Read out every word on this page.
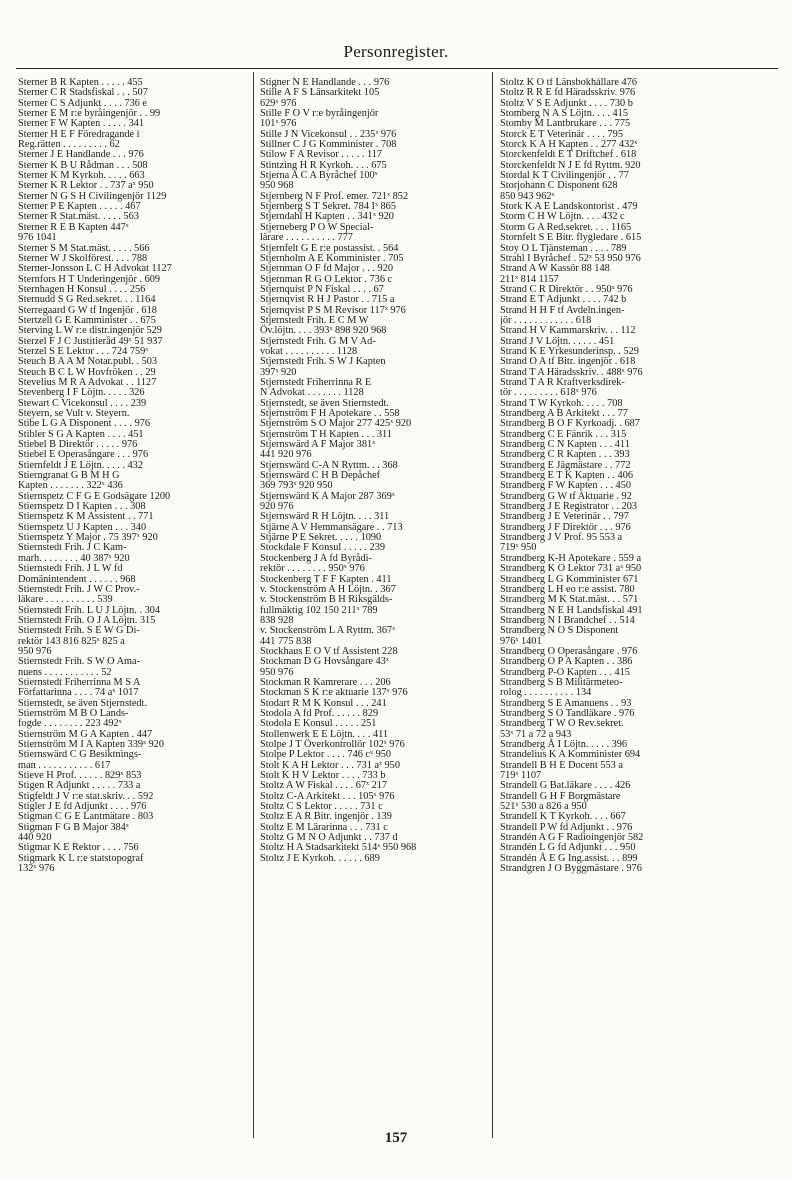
Personregister.
Sterner B R Kapten . . . . . 455
Sterner C R Stadsfiskal . . . 507
Sterner C S Adjunkt . . . . 736 e
Sterner E M r:e byråingenjör . . 99
Sterner F W Kapten . . . . . 341
Sterner H E F Föredragande i
Reg.rätten . . . . . . . . . 62
Sterner J E Handlande . . . 976
Sterner K B U Rådman . . . 508
Sterner K M Kyrkoh. . . . . 663
Sterner K R Lektor . . 737 aˣ 950
Sterner N G S H Civilingenjör 1129
Sterner P E Kapten . . . . . 467
Sterner R Stat.mäst. . . . . 563
Sterner R E B Kapten 447ˣ
976 1041
Sterner S M Stat.mäst. . . . . 566
Sterner W J Skolförest. . . . 788
Sterner-Jonsson L C H Advokat 1127
Sternfors H T Underingenjör . 609
Sternhagen H Konsul . . . . 256
Sternudd S G Red.sekret. . . 1164
Sterregaard G W tf Ingenjör . 618
Stertzell G E Kamminister . . 675
Sterving L W r:e distr.ingenjör 529
Sterzel F J C Justitieråd 49ˣ 51 937
Sterzel S E Lektor . . . 724 759ˣ
Steuch B A A M Notar.publ. . 503
Steuch B C L W Hovfröken . . 29
Stevelius M R A Advokat . . 1127
Stevenberg I F Löjtn. . . . . 326
Stewart C Vicekonsul . . . . 239
Steyern, se Vult v. Steyern.
Stibe L G A Disponent . . . . 976
Stibler S G A Kapten . . . . 451
Stiebel B Direktör . . . . . 976
Stiebel E Operasångare . . . 976
Stiernfeldt J E Löjtn. . . . . 432
Stierngranat G B M H G
Kapten . . . . . . . 322ˣ 436
Stiernspetz C F G E Godsägare 1200
Stiernspetz D I Kapten . . . 308
Stiernspetz K M Assistent . . 771
Stiernspetz U J Kapten . . . 340
Stiernspetz Y Major . 75 397ˣ 920
Stiernstedt Frih. J C Kam-
marh. . . . . . . . 40 387ˣ 920
Stiernstedt Frih. J L W fd
Domänintendent . . . . . . 968
Stiernstedt Frih. J W C Prov.-
läkare . . . . . . . . . . 539
Stiernstedt Frih. L U J Löjtn. . 304
Stiernstedt Frih. O J A Löjtn. 315
Stiernstedt Frih. S E W G Di-
rektör 143 816 825ˣ 825 a
950 976
Stiernstedt Frih. S W O Ama-
nuens . . . . . . . . . . . 52
Stiernstedt Friherrinna M S A
Författarinna . . . . 74 aˣ 1017
Stiernstedt, se även Stjernstedt.
Stiernström M B O Lands-
fogde . . . . . . . . 223 492ˣ
Stiernström M G A Kapten . 447
Stiernström M I A Kapten 339ˣ 920
Stiernswärd C G Besiktnings-
man . . . . . . . . . . . 617
Stieve H Prof. . . . . . 829ˣ 853
Stigen R Adjunkt . . . . . 733 a
Stigfeldt J V r:e stat.skriv. . . 592
Stigler J E fd Adjunkt . . . . 976
Stigman C G E Lantmätare . 803
Stigman F G B Major 384ˣ
440 920
Stigmar K E Rektor . . . . 756
Stigmark K L r:e statstopograf
132ˣ 976
Stigner N E Handlande . . . 976
Stille A F S Länsarkitekt 105
629ˣ 976
Stille F O V r:e byråingenjör
101ˣ 976
Stille J N Vicekonsul . . 235ˣ 976
Stillner C J G Komminister . 708
Stilow F A Revisor . . . . . 117
Stintzing H R Kyrkoh. . . . 675
Stjerna A C A Byråchef 100ˣ
950 968
Stjernberg N F Prof. emer. 721ˣ 852
Stjernberg S T Sekret. 784 Iˣ 865
Stjerndahl H Kapten . . 341ˣ 920
Stjerneberg P O W Special-
lärare . . . . . . . . . . 777
Stjernfelt G E r:e postassist. . 564
Stjernholm A E Komminister . 705
Stjernman O F fd Major . . . 920
Stjernman R G O Lektor . 736 c
Stjernquist P N Fiskal . . . . 67
Stjernqvist R H J Pastor . . 715 a
Stjernqvist P S M Revisor 117ˣ 976
Stjernstedt Frih. E C M W
Öv.löjtn. . . . 393ˣ 898 920 968
Stjernstedt Frih. G M V Ad-
vokat . . . . . . . . . . 1128
Stjernstedt Frih. S W J Kapten
397ˣ 920
Stjernstedt Friherrinna R E
N Advokat . . . . . . . 1128
Stjernstedt, se även Stiernstedt.
Stjernström F H Apotekare . . 558
Stjernström S O Major 277 425ˣ 920
Stjernström T H Kapten . . . 311
Stjernswärd A F Major 381ˣ
441 920 976
Stjernswärd C-A N Ryttm. . . 368
Stjernswärd C H B Depåchef
369 793ˣ 920 950
Stjernswärd K A Major 287 369ˣ
920 976
Stjernswärd R H Löjtn. . . . 311
Stjärne A V Hemmansägare . . 713
Stjärne P E Sekret. . . . . 1090
Stockdale F Konsul . . . . . 239
Stockenberg J A fd Byrådi-
rektör . . . . . . . . 950ˣ 976
Stockenberg T F F Kapten . 411
v. Stockenström A H Löjtn. . 367
v. Stockenström B H Riksgälds-
fullmäktig 102 150 211ˣ 789
838 928
v. Stockenström L A Ryttm. 367ˣ
441 775 838
Stockhaus E O V tf Assistent 228
Stockman D G Hovsångare 43ˣ
950 976
Stockman R Kamrerare . . . 206
Stockman S K r:e aktuarie 137ˣ 976
Stodart R M K Konsul . . . 241
Stodola A fd Prof. . . . . . 829
Stodola E Konsul . . . . . 251
Stollenwerk E E Löjtn. . . . 411
Stolpe J T Överkontrollör 102ˣ 976
Stolpe P Lektor . . . . 746 cˣ 950
Stolt K A H Lektor . . . 731 aˣ 950
Stolt K H V Lektor . . . . 733 b
Stoltz A W Fiskal . . . . 67ˣ 217
Stoltz C-A Arkitekt . . . 105ˣ 976
Stoltz C S Lektor . . . . . 731 c
Stoltz E A R Bitr. ingenjör . 139
Stoltz E M Lärarinna . . . 731 c
Stoltz G M N O Adjunkt . . 737 d
Stoltz H A Stadsarkitekt 514ˣ 950 968
Stoltz J E Kyrkoh. . . . . . 689
Stoltz K O tf Länsbokhållare 476
Stoltz R R E fd Häradsskriv. 976
Stoltz V S E Adjunkt . . . . 730 b
Stomberg N A S Löjtn. . . . 415
Stomby M Lantbrukare . . . 775
Storck E T Veterinär . . . . 795
Storck K A H Kapten . . 277 432ˣ
Storckenfeldt E T Driftchef . 618
Storckenfeldt N J E fd Ryttm. 920
Stordal K T Civilingenjör . . 77
Storjohann C Disponent 628
850 943 962ˣ
Stork K A E Landskontorist . 479
Storm C H W Löjtn. . . . 432 c
Storm G A Red.sekret. . . . 1165
Stornfelt S E Bitr. flygledare . 615
Stoy O L Tjänsteman . . . . 789
Strahl I Byråchef . 52ˣ 53 950 976
Strand A W Kassör 88 148
211ˣ 814 1157
Strand C R Direktör . . 950ˣ 976
Strand E T Adjunkt . . . . 742 b
Strand H H F tf Avdeln.ingen-
jör . . . . . . . . . . . . 618
Strand H V Kammarskriv. . . 112
Strand J V Löjtn. . . . . . 451
Strand K E Yrkesunderinsp. . 529
Strand O A tf Bitr. ingenjör . 618
Strand T A Häradsskriv. . 488ˣ 976
Strand T A R Kraftverksdirek-
tör . . . . . . . . . 618ˣ 976
Strand T W Kyrkoh. . . . . 708
Strandberg A B Arkitekt . . . 77
Strandberg B O F Kyrkoadj. . 687
Strandberg C E Fänrik . . . 315
Strandberg C N Kapten . . . 411
Strandberg C R Kapten . . . 393
Strandberg E Jägmästare . . 772
Strandberg E T K Kapten . . 406
Strandberg F W Kapten . . . 450
Strandberg G W tf Aktuarie . 92
Strandberg J E Registrator . . 203
Strandberg J E Veterinär . . 797
Strandberg J F Direktör . . . 976
Strandberg J V Prof. 95 553 a
719ˣ 950
Strandberg K-H Apotekare . 559 a
Strandberg K O Lektor 731 aˣ 950
Strandberg L G Komminister 671
Strandberg L H eo r:e assist. 780
Strandberg M K Stat.mäst. . . 571
Strandberg N E H Landsfiskal 491
Strandberg N I Brandchef . . 514
Strandberg N O S Disponent
976ˣ 1401
Strandberg O Operasångare . 976
Strandberg O P A Kapten . . 386
Strandberg P-O Kapten . . . 415
Strandberg S B Militärmeteo-
rolog . . . . . . . . . . 134
Strandberg S E Amanuens . . 93
Strandberg S O Tandläkare . 976
Strandberg T W O Rev.sekret.
53ˣ 71 a 72 a 943
Strandberg Å I Löjtn. . . . . 396
Strandelius K A Komminister 694
Strandell B H E Docent 553 a
719ˣ 1107
Strandell G Bat.läkare . . . . 426
Strandell G H F Borgmästare
521ˣ 530 a 826 a 950
Strandell K T Kyrkoh. . . . 667
Strandell P W fd Adjunkt . . 976
Strandén A G F Radioingenjör 582
Strandén L G fd Adjunkt . . . 950
Strandén Å E G Ing.assist. . . 899
Strandgren J O Byggmästare . 976
157
